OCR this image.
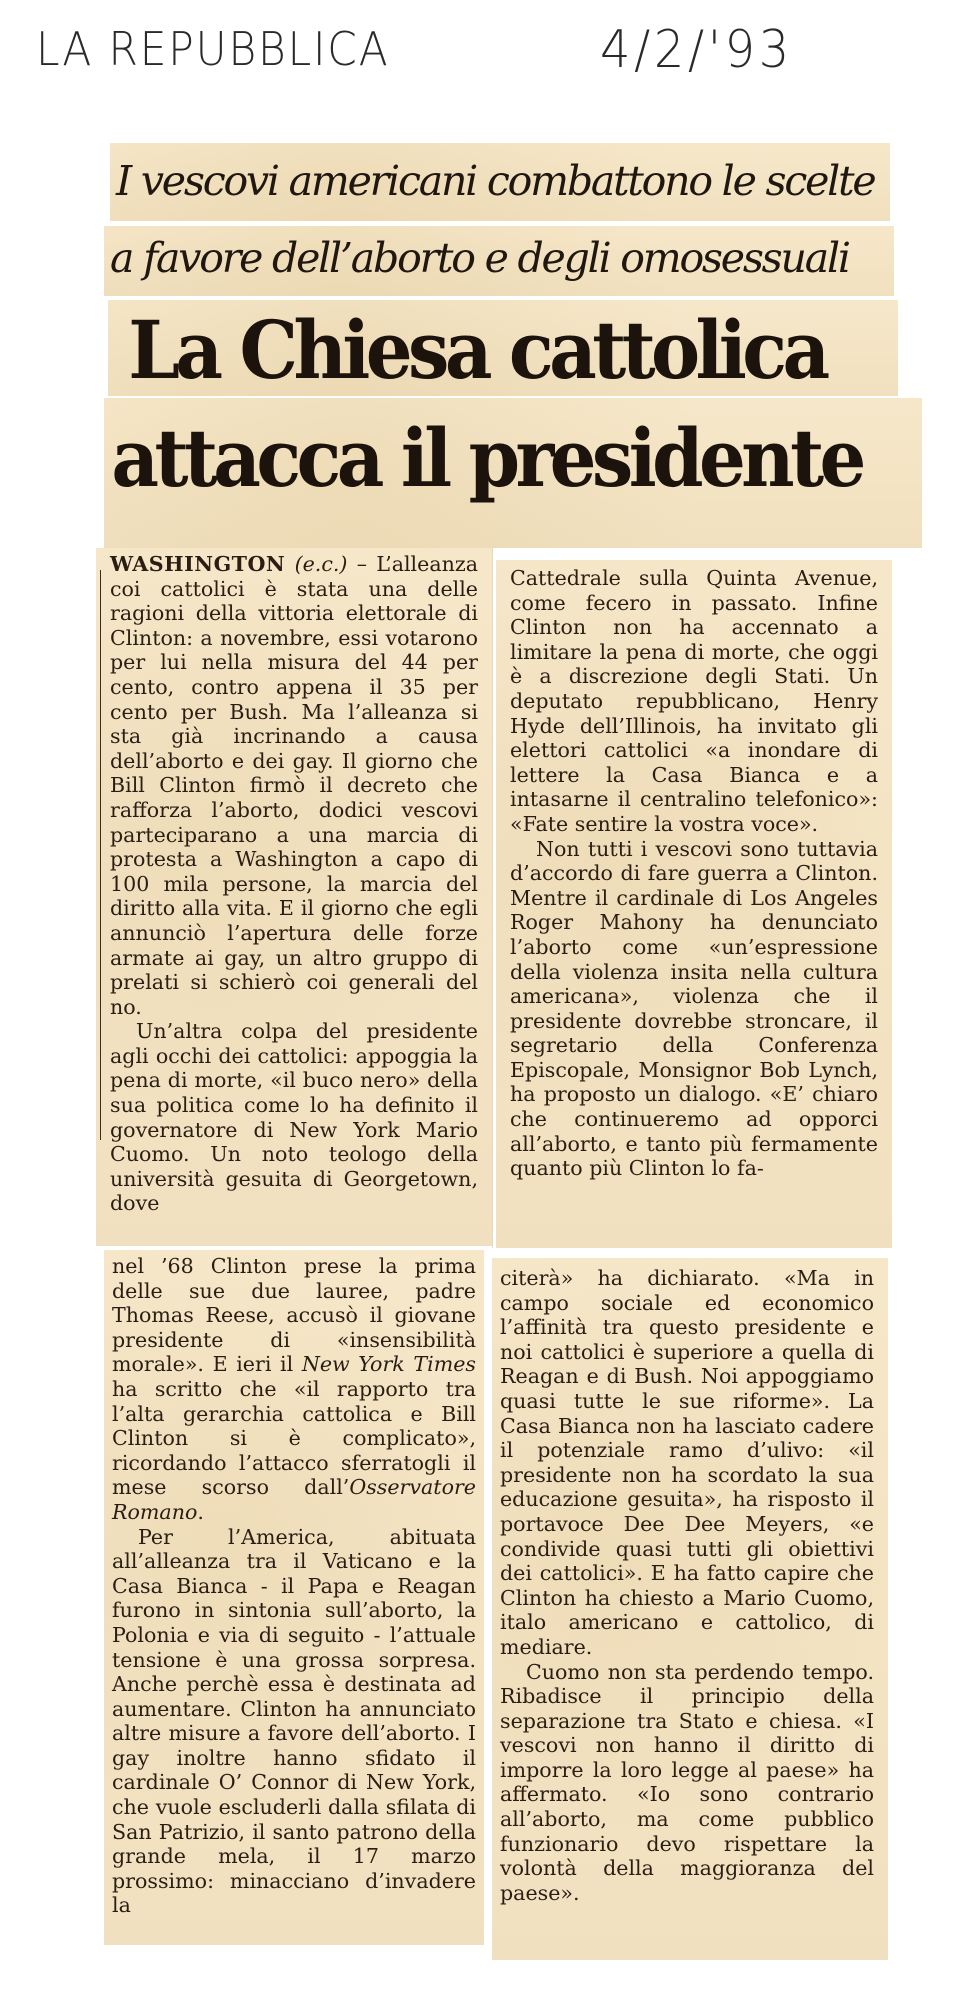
LA REPUBBLICA	4/2/'93
I vescovi americani combattono le scelte
a favore dell’aborto e degli omosessuali
La Chiesa cattolica
attacca il presidente

WASHINGTON (e.c.) – L’alleanza coi cattolici è stata una delle ragioni della vittoria elettorale di Clinton: a novembre, essi votarono per lui nella misura del 44 per cento, contro appena il 35 per cento per Bush. Ma l’alleanza si sta già incrinando a causa dell’aborto e dei gay. Il giorno che Bill Clinton firmò il decreto che rafforza l’aborto, dodici vescovi parteciparano a una marcia di protesta a Washington a capo di 100 mila persone, la marcia del diritto alla vita. E il giorno che egli annunciò l’apertura delle forze armate ai gay, un altro gruppo di prelati si schierò coi generali del no.

Un’altra colpa del presidente agli occhi dei cattolici: appoggia la pena di morte, «il buco nero» della sua politica come lo ha definito il governatore di New York Mario Cuomo. Un noto teologo della università gesuita di Georgetown, dove

Cattedrale sulla Quinta Avenue, come fecero in passato. Infine Clinton non ha accennato a limitare la pena di morte, che oggi è a discrezione degli Stati. Un deputato repubblicano, Henry Hyde dell’Illinois, ha invitato gli elettori cattolici «a inondare di lettere la Casa Bianca e a intasarne il centralino telefonico»: «Fate sentire la vostra voce».

Non tutti i vescovi sono tuttavia d’accordo di fare guerra a Clinton. Mentre il cardinale di Los Angeles Roger Mahony ha denunciato l’aborto come «un’espressione della violenza insita nella cultura americana», violenza che il presidente dovrebbe stroncare, il segretario della Conferenza Episcopale, Monsignor Bob Lynch, ha proposto un dialogo. «E’ chiaro che continueremo ad opporci all’aborto, e tanto più fermamente quanto più Clinton lo fa-

nel ’68 Clinton prese la prima delle sue due lauree, padre Thomas Reese, accusò il giovane presidente di «insensibilità morale». E ieri il New York Times ha scritto che «il rapporto tra l’alta gerarchia cattolica e Bill Clinton si è complicato», ricordando l’attacco sferratogli il mese scorso dall’Osservatore Romano.

Per l’America, abituata all’alleanza tra il Vaticano e la Casa Bianca - il Papa e Reagan furono in sintonia sull’aborto, la Polonia e via di seguito - l’attuale tensione è una grossa sorpresa. Anche perchè essa è destinata ad aumentare. Clinton ha annunciato altre misure a favore dell’aborto. I gay inoltre hanno sfidato il cardinale O’ Connor di New York, che vuole escluderli dalla sfilata di San Patrizio, il santo patrono della grande mela, il 17 marzo prossimo: minacciano d’invadere la

citerà» ha dichiarato. «Ma in campo sociale ed economico l’affinità tra questo presidente e noi cattolici è superiore a quella di Reagan e di Bush. Noi appoggiamo quasi tutte le sue riforme». La Casa Bianca non ha lasciato cadere il potenziale ramo d’ulivo: «il presidente non ha scordato la sua educazione gesuita», ha risposto il portavoce Dee Dee Meyers, «e condivide quasi tutti gli obiettivi dei cattolici». E ha fatto capire che Clinton ha chiesto a Mario Cuomo, italo americano e cattolico, di mediare.

Cuomo non sta perdendo tempo. Ribadisce il principio della separazione tra Stato e chiesa. «I vescovi non hanno il diritto di imporre la loro legge al paese» ha affermato. «Io sono contrario all’aborto, ma come pubblico funzionario devo rispettare la volontà della maggioranza del paese».
